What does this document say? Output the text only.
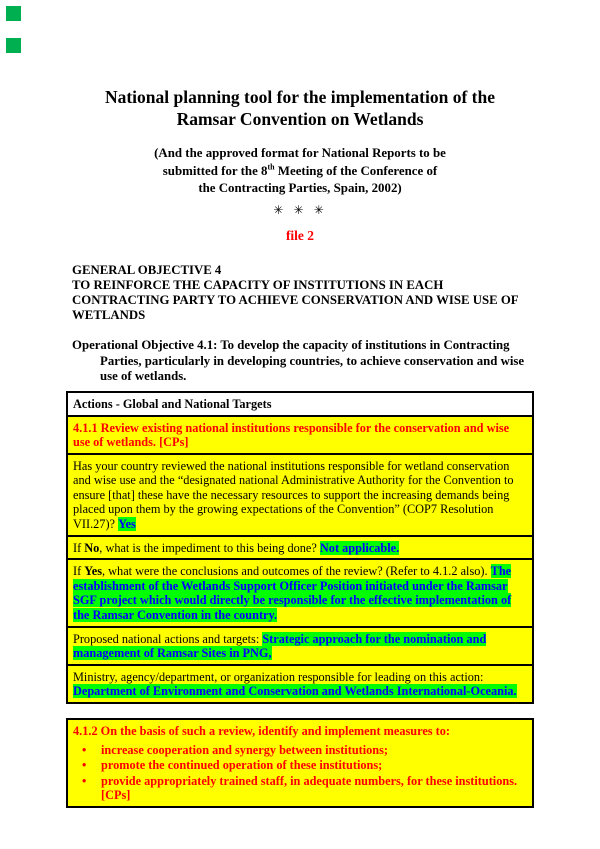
National planning tool for the implementation of the Ramsar Convention on Wetlands
(And the approved format for National Reports to be
submitted for the 8th Meeting of the Conference of
the Contracting Parties, Spain, 2002)
✳ ✳ ✳
file 2
GENERAL OBJECTIVE 4
TO REINFORCE THE CAPACITY OF INSTITUTIONS IN EACH CONTRACTING PARTY TO ACHIEVE CONSERVATION AND WISE USE OF WETLANDS
Operational Objective 4.1: To develop the capacity of institutions in Contracting Parties, particularly in developing countries, to achieve conservation and wise use of wetlands.
Actions - Global and National Targets
4.1.1 Review existing national institutions responsible for the conservation and wise use of wetlands. [CPs]
Has your country reviewed the national institutions responsible for wetland conservation and wise use and the “designated national Administrative Authority for the Convention to ensure [that] these have the necessary resources to support the increasing demands being placed upon them by the growing expectations of the Convention” (COP7 Resolution VII.27)? Yes
If No, what is the impediment to this being done? Not applicable.
If Yes, what were the conclusions and outcomes of the review? (Refer to 4.1.2 also). The establishment of the Wetlands Support Officer Position initiated under the Ramsar SGF project which would directly be responsible for the effective implementation of the Ramsar Convention in the country.
Proposed national actions and targets: Strategic approach for the nomination and management of Ramsar Sites in PNG,
Ministry, agency/department, or organization responsible for leading on this action: Department of Environment and Conservation and Wetlands International-Oceania.
4.1.2 On the basis of such a review, identify and implement measures to:
•	increase cooperation and synergy between institutions;
•	promote the continued operation of these institutions;
•	provide appropriately trained staff, in adequate numbers, for these institutions. [CPs]
